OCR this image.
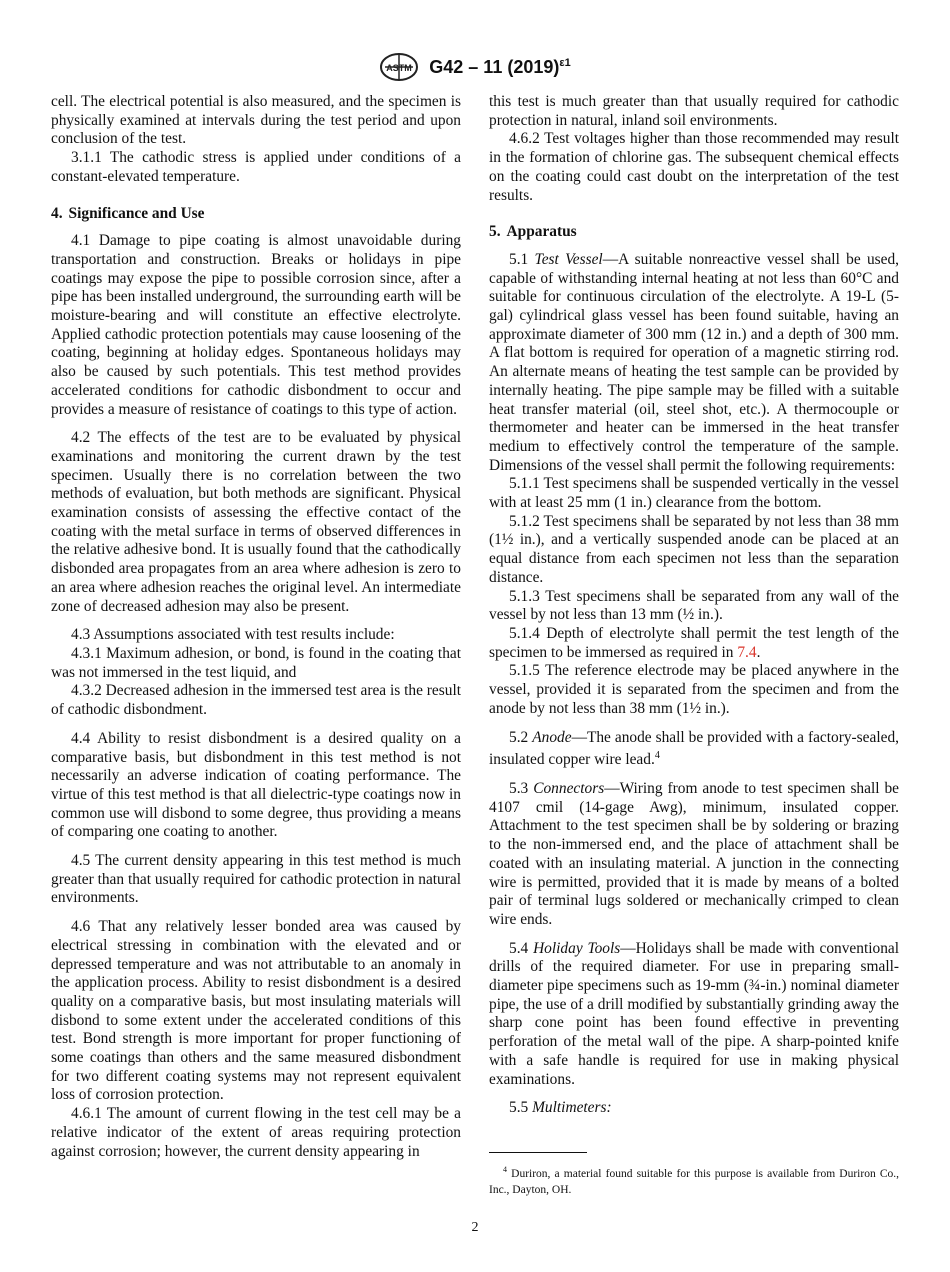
ASTM G42 – 11 $(2019)^{\varepsilon 1}$

cell. The electrical potential is also measured, and the specimen is physically examined at intervals during the test period and upon conclusion of the test.

3.1.1 The cathodic stress is applied under conditions of a constant-elevated temperature.

4. Significance and Use

4.1 Damage to pipe coating is almost unavoidable during transportation and construction. Breaks or holidays in pipe coatings may expose the pipe to possible corrosion since, after a pipe has been installed underground, the surrounding earth will be moisture-bearing and will constitute an effective electrolyte. Applied cathodic protection potentials may cause loosening of the coating, beginning at holiday edges. Spontaneous holidays may also be caused by such potentials. This test method provides accelerated conditions for cathodic disbondment to occur and provides a measure of resistance of coatings to this type of action.

4.2 The effects of the test are to be evaluated by physical examinations and monitoring the current drawn by the test specimen. Usually there is no correlation between the two methods of evaluation, but both methods are significant. Physical examination consists of assessing the effective contact of the coating with the metal surface in terms of observed differences in the relative adhesive bond. It is usually found that the cathodically disbonded area propagates from an area where adhesion is zero to an area where adhesion reaches the original level. An intermediate zone of decreased adhesion may also be present.

4.3 Assumptions associated with test results include:

4.3.1 Maximum adhesion, or bond, is found in the coating that was not immersed in the test liquid, and

4.3.2 Decreased adhesion in the immersed test area is the result of cathodic disbondment.

4.4 Ability to resist disbondment is a desired quality on a comparative basis, but disbondment in this test method is not necessarily an adverse indication of coating performance. The virtue of this test method is that all dielectric-type coatings now in common use will disbond to some degree, thus providing a means of comparing one coating to another.

4.5 The current density appearing in this test method is much greater than that usually required for cathodic protection in natural environments.

4.6 That any relatively lesser bonded area was caused by electrical stressing in combination with the elevated and or depressed temperature and was not attributable to an anomaly in the application process. Ability to resist disbondment is a desired quality on a comparative basis, but most insulating materials will disbond to some extent under the accelerated conditions of this test. Bond strength is more important for proper functioning of some coatings than others and the same measured disbondment for two different coating systems may not represent equivalent loss of corrosion protection.

4.6.1 The amount of current flowing in the test cell may be a relative indicator of the extent of areas requiring protection against corrosion; however, the current density appearing in

this test is much greater than that usually required for cathodic protection in natural, inland soil environments.

4.6.2 Test voltages higher than those recommended may result in the formation of chlorine gas. The subsequent chemical effects on the coating could cast doubt on the interpretation of the test results.

5. Apparatus

5.1 Test Vessel—A suitable nonreactive vessel shall be used, capable of withstanding internal heating at not less than 60°C and suitable for continuous circulation of the electrolyte. A 19-L (5-gal) cylindrical glass vessel has been found suitable, having an approximate diameter of 300 mm (12 in.) and a depth of 300 mm. A flat bottom is required for operation of a magnetic stirring rod. An alternate means of heating the test sample can be provided by internally heating. The pipe sample may be filled with a suitable heat transfer material (oil, steel shot, etc.). A thermocouple or thermometer and heater can be immersed in the heat transfer medium to effectively control the temperature of the sample. Dimensions of the vessel shall permit the following requirements:

5.1.1 Test specimens shall be suspended vertically in the vessel with at least 25 mm (1 in.) clearance from the bottom.

5.1.2 Test specimens shall be separated by not less than 38 mm (1½ in.), and a vertically suspended anode can be placed at an equal distance from each specimen not less than the separation distance.

5.1.3 Test specimens shall be separated from any wall of the vessel by not less than 13 mm (½ in.).

5.1.4 Depth of electrolyte shall permit the test length of the specimen to be immersed as required in 7.4.

5.1.5 The reference electrode may be placed anywhere in the vessel, provided it is separated from the specimen and from the anode by not less than 38 mm (1½ in.).

5.2 Anode—The anode shall be provided with a factory-sealed, insulated copper wire lead.$^4$

5.3 Connectors—Wiring from anode to test specimen shall be 4107 cmil (14-gage Awg), minimum, insulated copper. Attachment to the test specimen shall be by soldering or brazing to the non-immersed end, and the place of attachment shall be coated with an insulating material. A junction in the connecting wire is permitted, provided that it is made by means of a bolted pair of terminal lugs soldered or mechanically crimped to clean wire ends.

5.4 Holiday Tools—Holidays shall be made with conventional drills of the required diameter. For use in preparing small-diameter pipe specimens such as 19-mm (¾-in.) nominal diameter pipe, the use of a drill modified by substantially grinding away the sharp cone point has been found effective in preventing perforation of the metal wall of the pipe. A sharp-pointed knife with a safe handle is required for use in making physical examinations.

5.5 Multimeters:

$^4$ Duriron, a material found suitable for this purpose is available from Duriron Co., Inc., Dayton, OH.

2
